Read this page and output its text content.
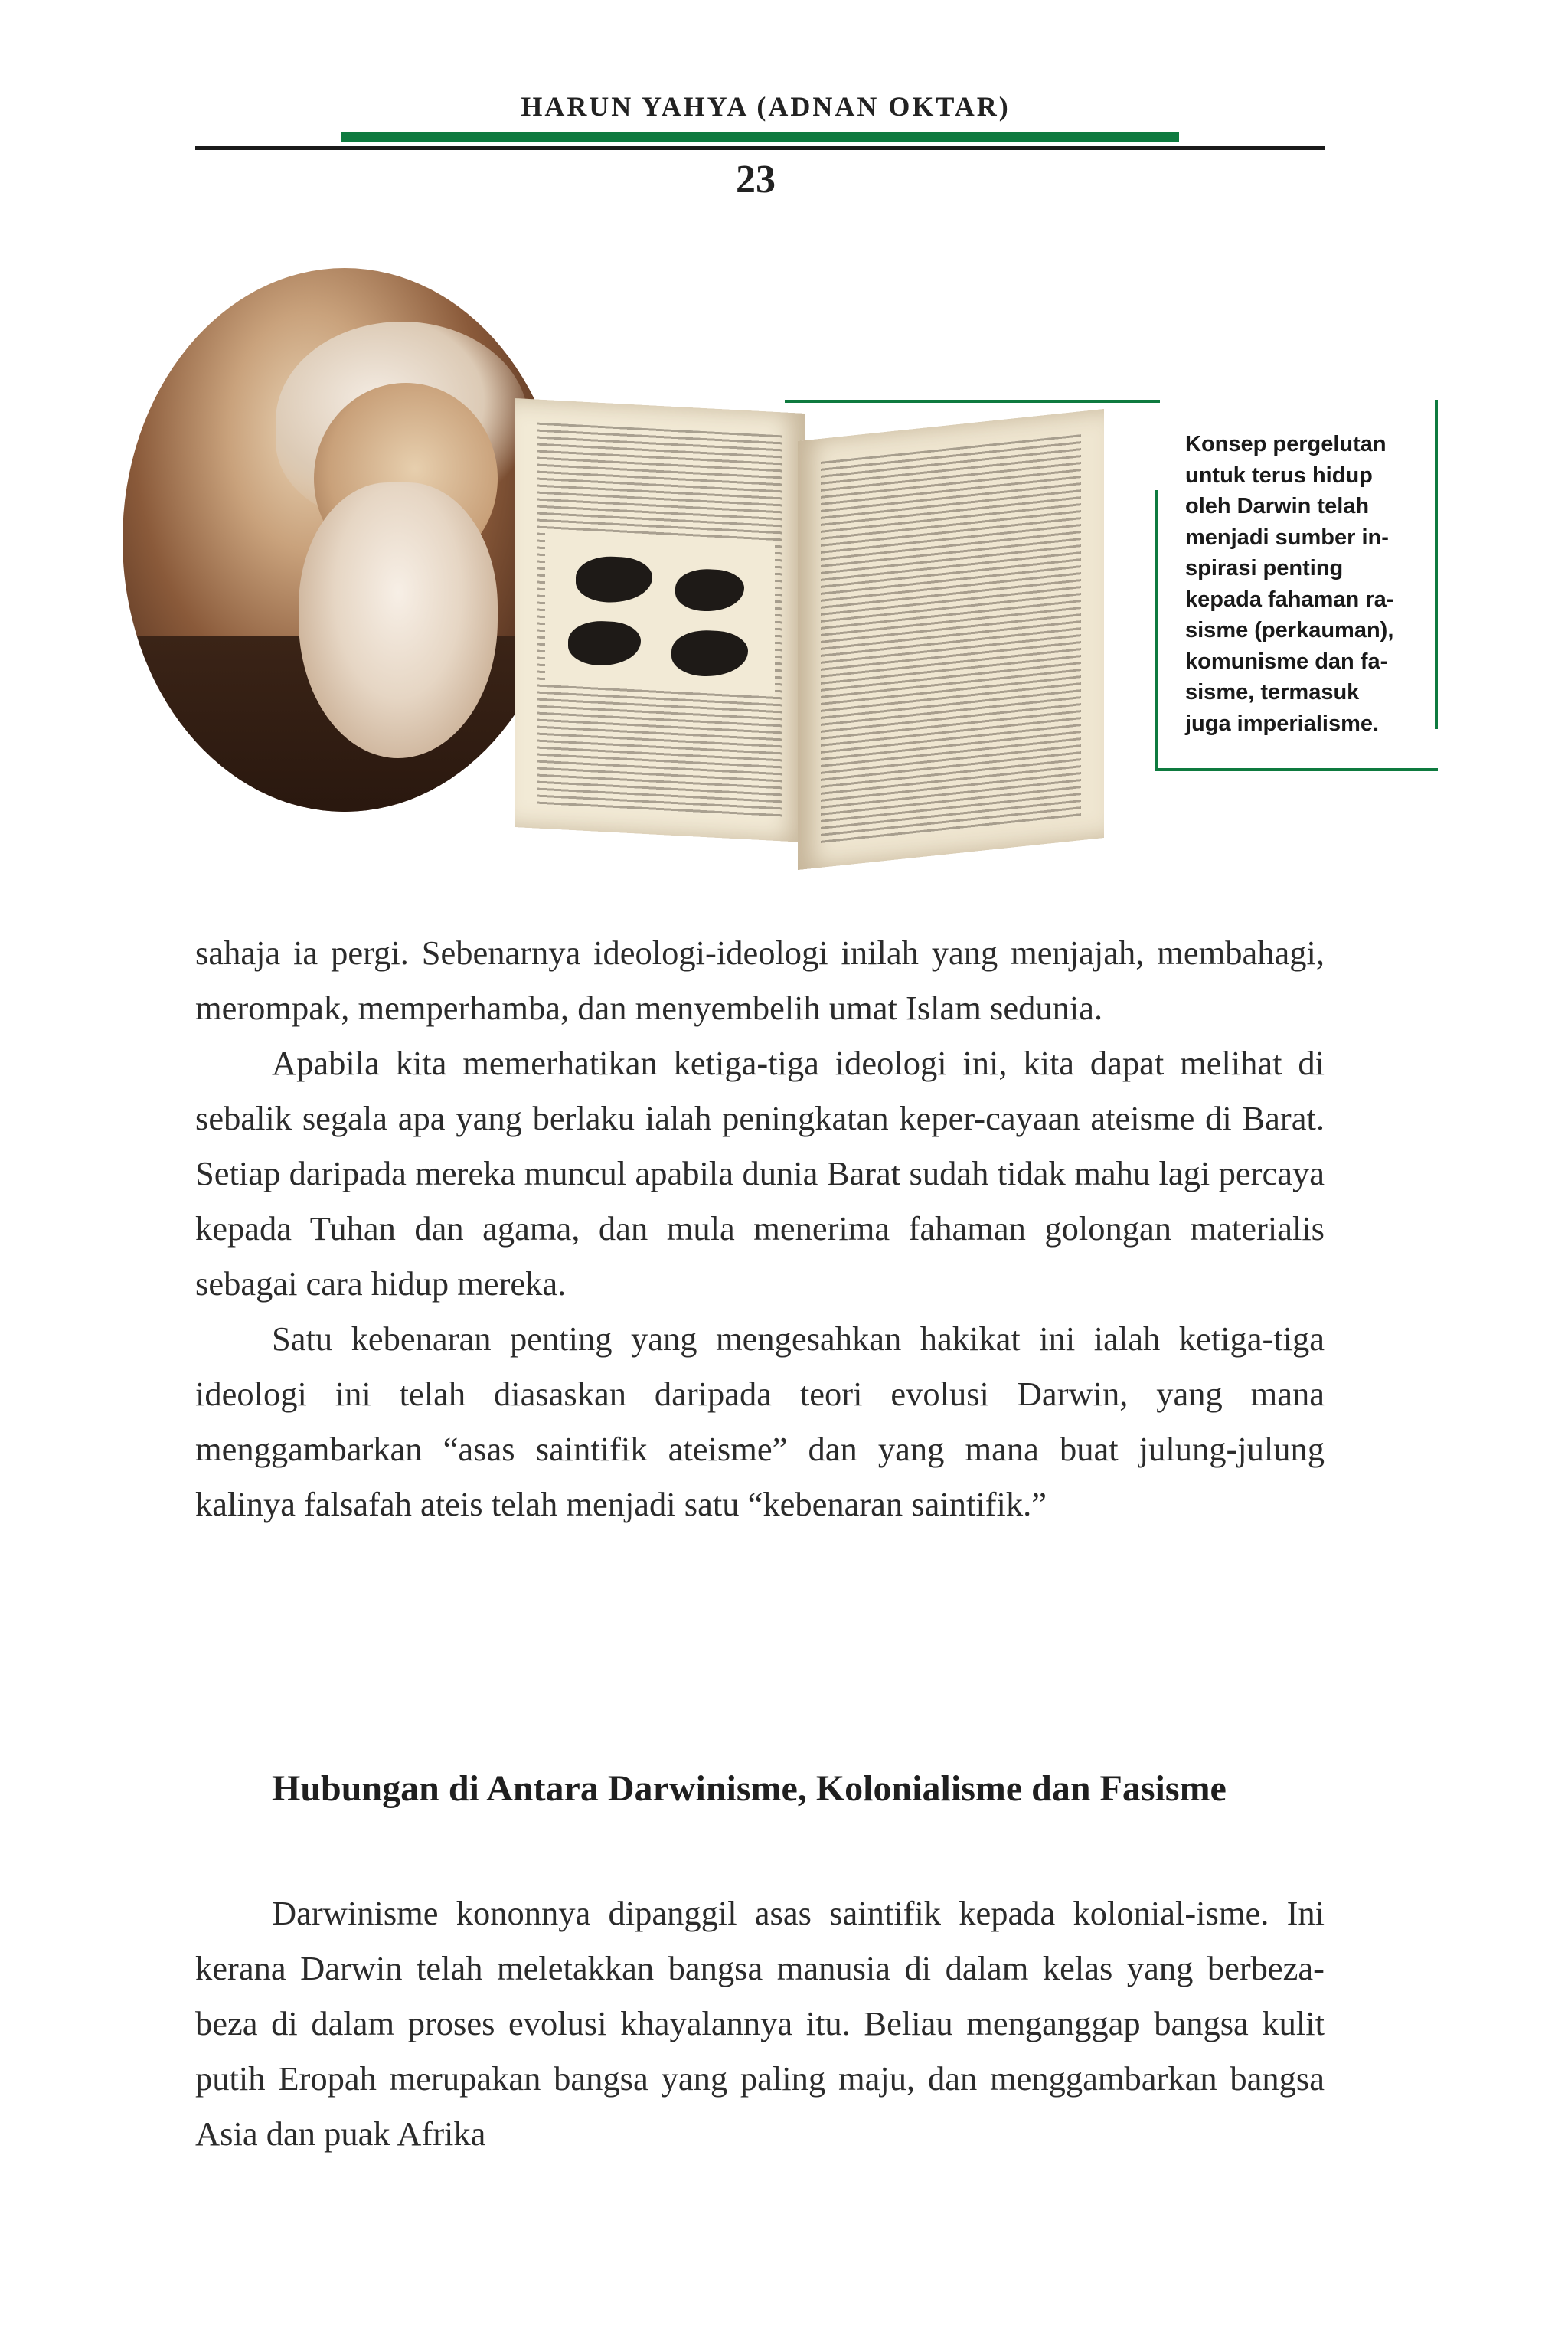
HARUN YAHYA (ADNAN OKTAR)
23
Konsep pergelutan
untuk terus hidup
oleh Darwin telah
menjadi sumber in-
spirasi penting
kepada fahaman ra-
sisme (perkauman),
komunisme dan fa-
sisme, termasuk
juga imperialisme.

sahaja ia pergi. Sebenarnya ideologi-ideologi inilah yang menjajah, membahagi, merompak, memperhamba, dan menyembelih umat Islam sedunia.

Apabila kita memerhatikan ketiga-tiga ideologi ini, kita dapat melihat di sebalik segala apa yang berlaku ialah peningkatan keper-cayaan ateisme di Barat. Setiap daripada mereka muncul apabila dunia Barat sudah tidak mahu lagi percaya kepada Tuhan dan agama, dan mula menerima fahaman golongan materialis sebagai cara hidup mereka.

Satu kebenaran penting yang mengesahkan hakikat ini ialah ketiga-tiga ideologi ini telah diasaskan daripada teori evolusi Darwin, yang mana menggambarkan “asas saintifik ateisme” dan yang mana buat julung-julung kalinya falsafah ateis telah menjadi satu “kebenaran saintifik.”

Hubungan di Antara Darwinisme, Kolonialisme dan Fasisme

Darwinisme kononnya dipanggil asas saintifik kepada kolonial-isme. Ini kerana Darwin telah meletakkan bangsa manusia di dalam kelas yang berbeza-beza di dalam proses evolusi khayalannya itu. Beliau menganggap bangsa kulit putih Eropah merupakan bangsa yang paling maju, dan menggambarkan bangsa Asia dan puak Afrika
